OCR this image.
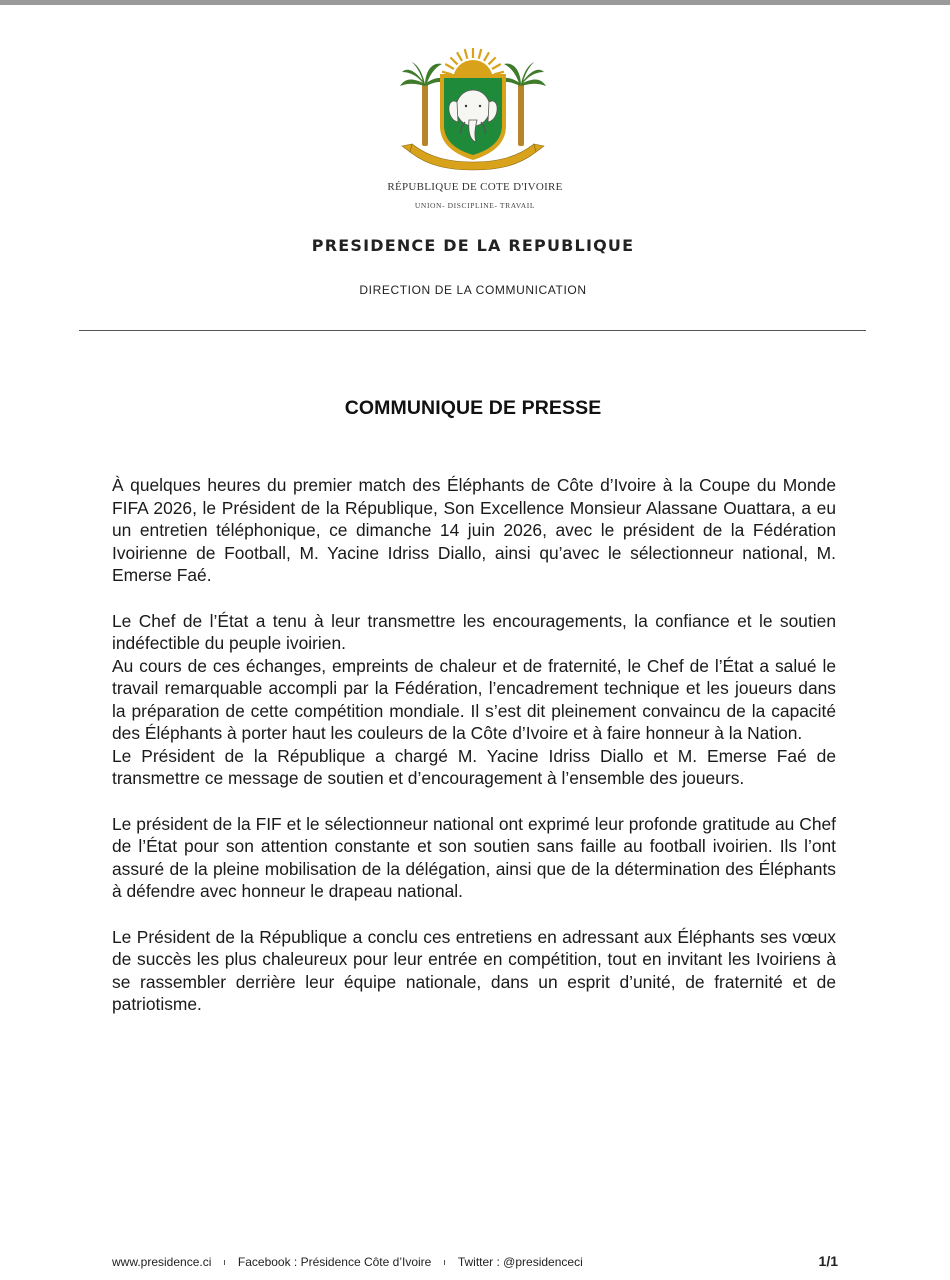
RÉPUBLIQUE DE COTE D'IVOIRE
UNION- DISCIPLINE- TRAVAIL
PRESIDENCE DE LA REPUBLIQUE
DIRECTION DE LA COMMUNICATION
COMMUNIQUE DE PRESSE

À quelques heures du premier match des Éléphants de Côte d’Ivoire à la Coupe du Monde FIFA 2026, le Président de la République, Son Excellence Monsieur Alassane Ouattara, a eu un entretien téléphonique, ce dimanche 14 juin 2026, avec le président de la Fédération Ivoirienne de Football, M. Yacine Idriss Diallo, ainsi qu’avec le sélectionneur national, M. Emerse Faé.

Le Chef de l’État a tenu à leur transmettre les encouragements, la confiance et le soutien indéfectible du peuple ivoirien.

Au cours de ces échanges, empreints de chaleur et de fraternité, le Chef de l’État a salué le travail remarquable accompli par la Fédération, l’encadrement technique et les joueurs dans la préparation de cette compétition mondiale. Il s’est dit pleinement convaincu de la capacité des Éléphants à porter haut les couleurs de la Côte d’Ivoire et à faire honneur à la Nation.

Le Président de la République a chargé M. Yacine Idriss Diallo et M. Emerse Faé de transmettre ce message de soutien et d’encouragement à l’ensemble des joueurs.

Le président de la FIF et le sélectionneur national ont exprimé leur profonde gratitude au Chef de l’État pour son attention constante et son soutien sans faille au football ivoirien. Ils l’ont assuré de la pleine mobilisation de la délégation, ainsi que de la détermination des Éléphants à défendre avec honneur le drapeau national.

Le Président de la République a conclu ces entretiens en adressant aux Éléphants ses vœux de succès les plus chaleureux pour leur entrée en compétition, tout en invitant les Ivoiriens à se rassembler derrière leur équipe nationale, dans un esprit d’unité, de fraternité et de patriotisme.

www.presidence.ci ı Facebook : Présidence Côte d’Ivoire ı Twitter : @presidenceci	1/1
